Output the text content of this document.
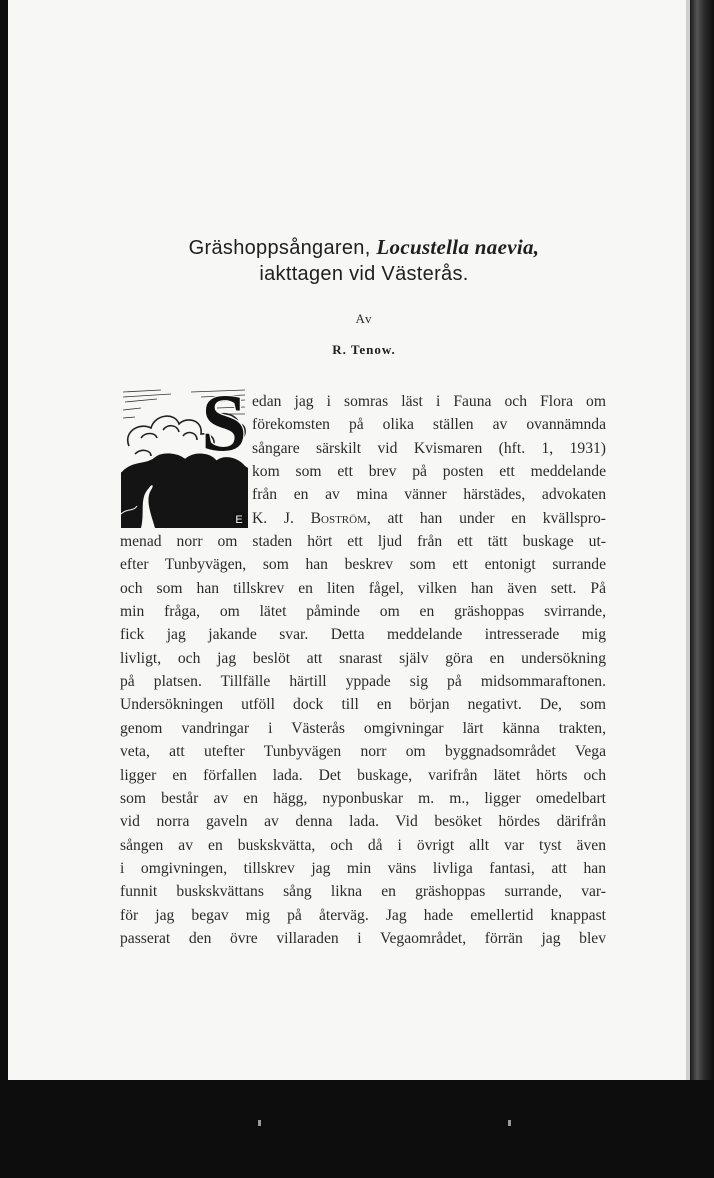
Gräshoppsångaren, Locustella naevia,
iakttagen vid Västerås.
Av
R. Tenow.
S
E
edan jag i somras läst i Fauna och Flora om
förekomsten på olika ställen av ovannämnda
sångare särskilt vid Kvismaren (hft. 1, 1931)
kom som ett brev på posten ett meddelande
från en av mina vänner härstädes, advokaten
K. J. Boström, att han under en kvällspro-
menad norr om staden hört ett ljud från ett tätt buskage ut-
efter Tunbyvägen, som han beskrev som ett entonigt surrande
och som han tillskrev en liten fågel, vilken han även sett. På
min fråga, om lätet påminde om en gräshoppas svirrande,
fick jag jakande svar. Detta meddelande intresserade mig
livligt, och jag beslöt att snarast själv göra en undersökning
på platsen. Tillfälle härtill yppade sig på midsommaraftonen.
Undersökningen utföll dock till en början negativt. De, som
genom vandringar i Västerås omgivningar lärt känna trakten,
veta, att utefter Tunbyvägen norr om byggnadsområdet Vega
ligger en förfallen lada. Det buskage, varifrån lätet hörts och
som består av en hägg, nyponbuskar m. m., ligger omedelbart
vid norra gaveln av denna lada. Vid besöket hördes därifrån
sången av en buskskvätta, och då i övrigt allt var tyst även
i omgivningen, tillskrev jag min väns livliga fantasi, att han
funnit buskskvättans sång likna en gräshoppas surrande, var-
för jag begav mig på återväg. Jag hade emellertid knappast
passerat den övre villaraden i Vegaområdet, förrän jag blev
